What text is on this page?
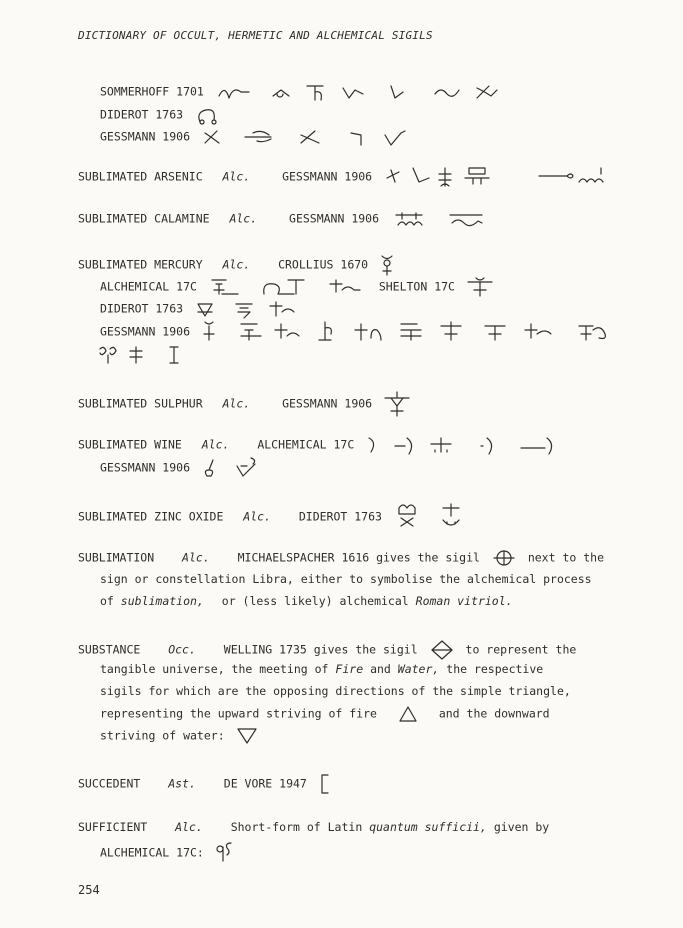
DICTIONARY OF OCCULT, HERMETIC AND ALCHEMICAL SIGILS
SOMMERHOFF 1701
DIDEROT 1763
GESSMANN 1906
SUBLIMATED ARSENIC Alc.	GESSMANN 1906
SUBLIMATED CALAMINE Alc.	GESSMANN 1906
SUBLIMATED MERCURY Alc. CROLLIUS 1670
ALCHEMICAL 17C	SHELTON 17C
DIDEROT 1763
GESSMANN 1906
SUBLIMATED SULPHUR Alc.	GESSMANN 1906
SUBLIMATED WINE Alc. ALCHEMICAL 17C
GESSMANN 1906
SUBLIMATED ZINC OXIDE Alc. DIDEROT 1763
SUBLIMATION Alc. MICHAELSPACHER 1616 gives the sigil	next to the
sign or constellation Libra, either to symbolise the alchemical process
of sublimation, or (less likely) alchemical Roman vitriol.
SUBSTANCE Occ. WELLING 1735 gives the sigil	to represent the
tangible universe, the meeting of Fire and Water, the respective
sigils for which are the opposing directions of the simple triangle,
representing the upward striving of fire	and the downward
striving of water:
SUCCEDENT Ast. DE VORE 1947
SUFFICIENT Alc. Short-form of Latin quantum sufficii, given by
ALCHEMICAL 17C:
254
